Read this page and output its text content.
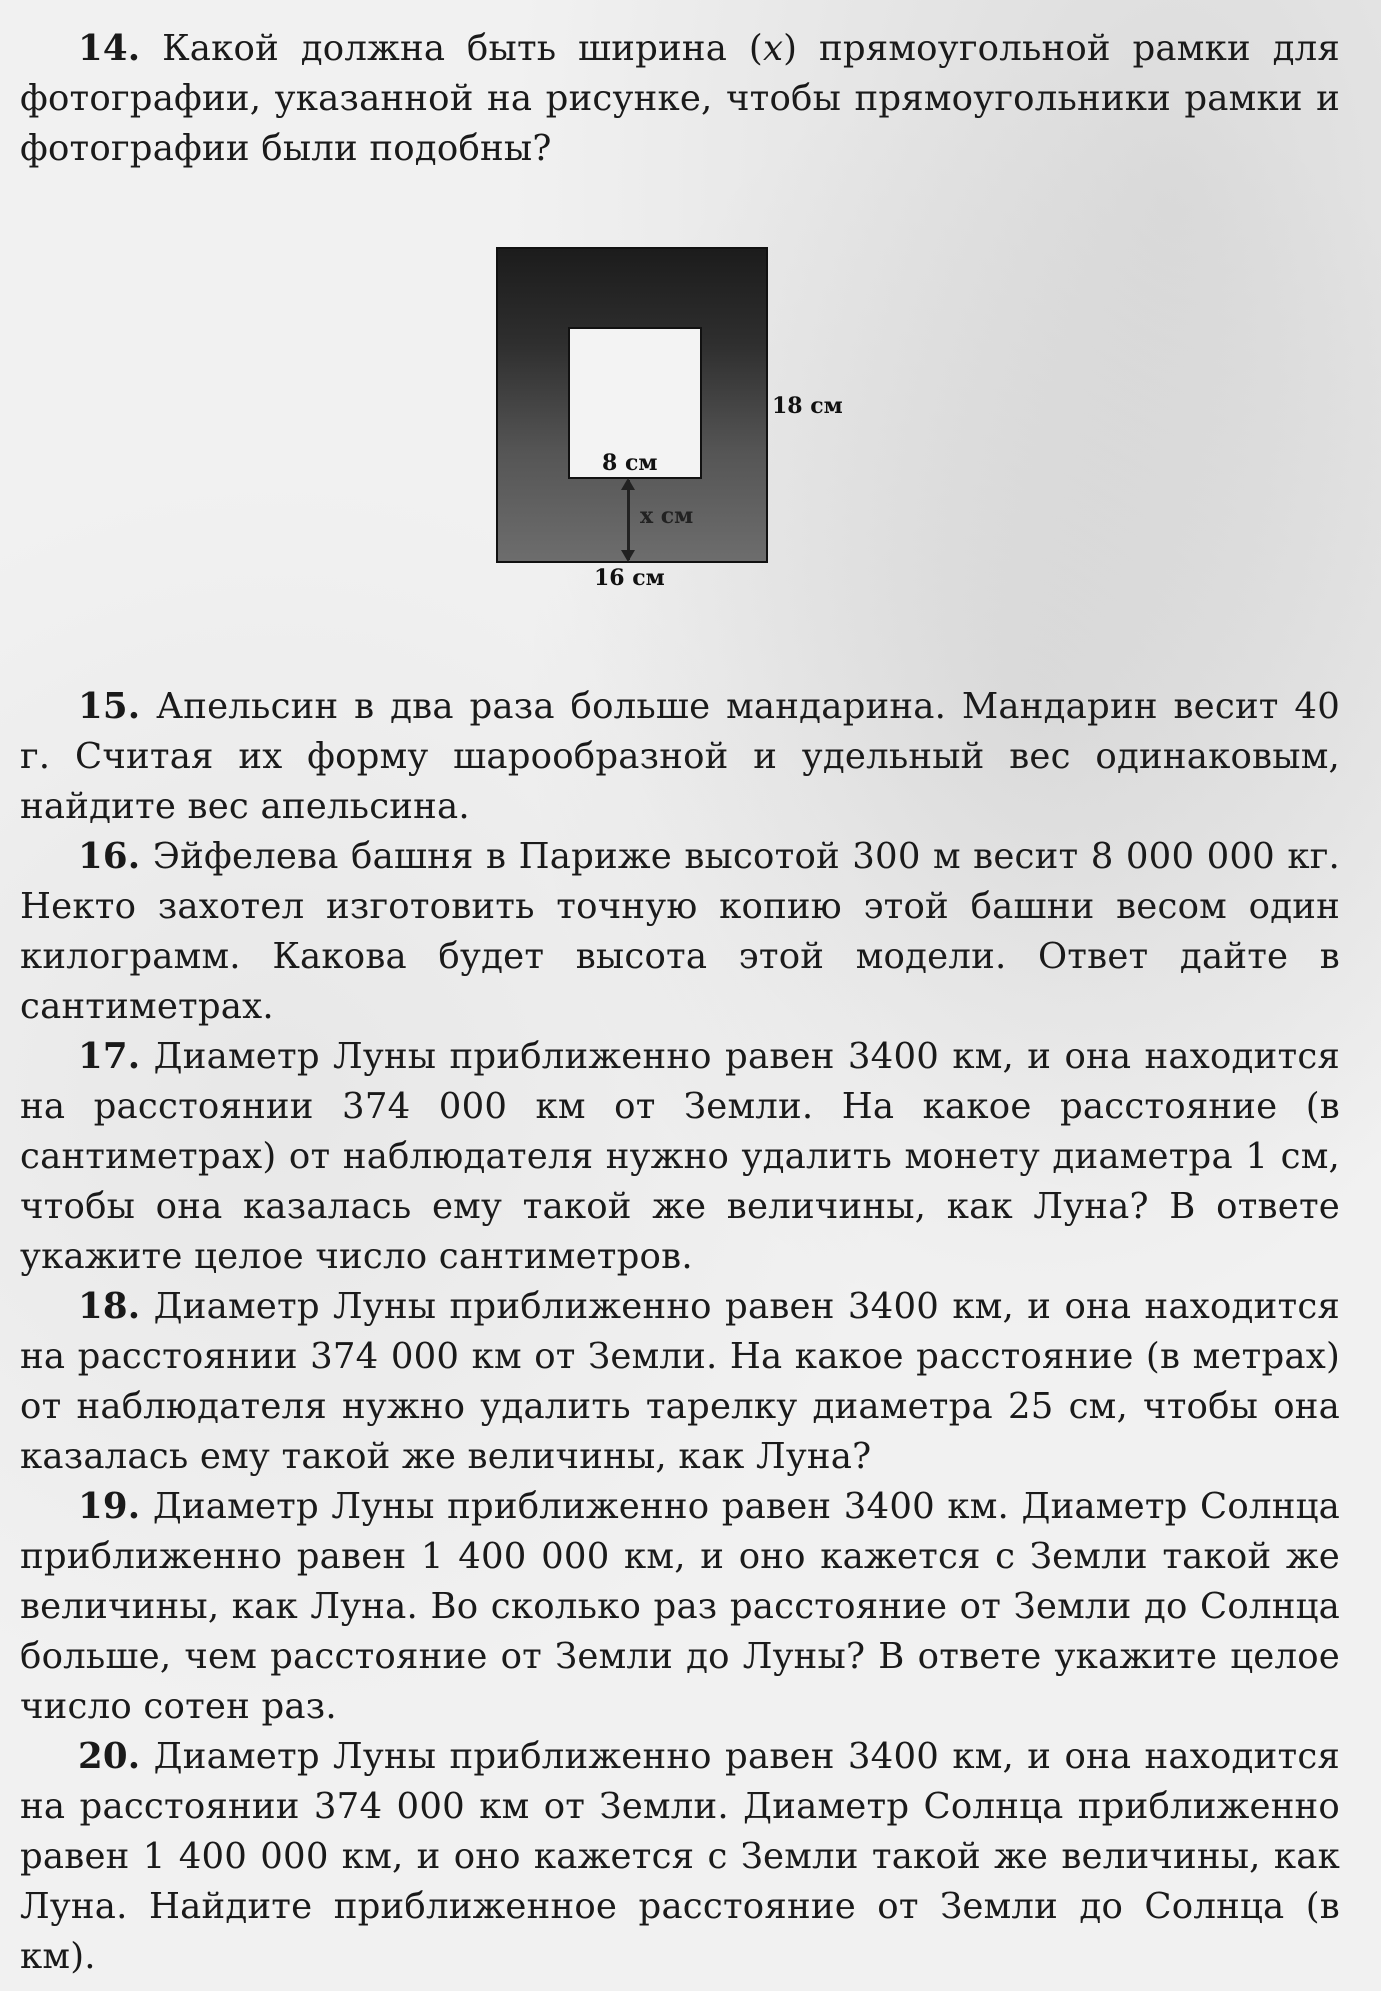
14. Какой должна быть ширина (x) прямоугольной рамки для фотографии, указанной на рисунке, чтобы прямоугольники рамки и фотографии были подобны?

8 см
18 см
x см
16 см

15. Апельсин в два раза больше мандарина. Мандарин весит 40 г. Считая их форму шарообразной и удельный вес одинаковым, найдите вес апельсина.

16. Эйфелева башня в Париже высотой 300 м весит 8 000 000 кг. Некто захотел изготовить точную копию этой башни весом один килограмм. Какова будет высота этой модели. Ответ дайте в сантиметрах.

17. Диаметр Луны приближенно равен 3400 км, и она находится на расстоянии 374 000 км от Земли. На какое расстояние (в сантиметрах) от наблюдателя нужно удалить монету диаметра 1 см, чтобы она казалась ему такой же величины, как Луна? В ответе укажите целое число сантиметров.

18. Диаметр Луны приближенно равен 3400 км, и она находится на расстоянии 374 000 км от Земли. На какое расстояние (в метрах) от наблюдателя нужно удалить тарелку диаметра 25 см, чтобы она казалась ему такой же величины, как Луна?

19. Диаметр Луны приближенно равен 3400 км. Диаметр Солнца приближенно равен 1 400 000 км, и оно кажется с Земли такой же величины, как Луна. Во сколько раз расстояние от Земли до Солнца больше, чем расстояние от Земли до Луны? В ответе укажите целое число сотен раз.

20. Диаметр Луны приближенно равен 3400 км, и она находится на расстоянии 374 000 км от Земли. Диаметр Солнца приближенно равен 1 400 000 км, и оно кажется с Земли такой же величины, как Луна. Найдите приближенное расстояние от Земли до Солнца (в км).
